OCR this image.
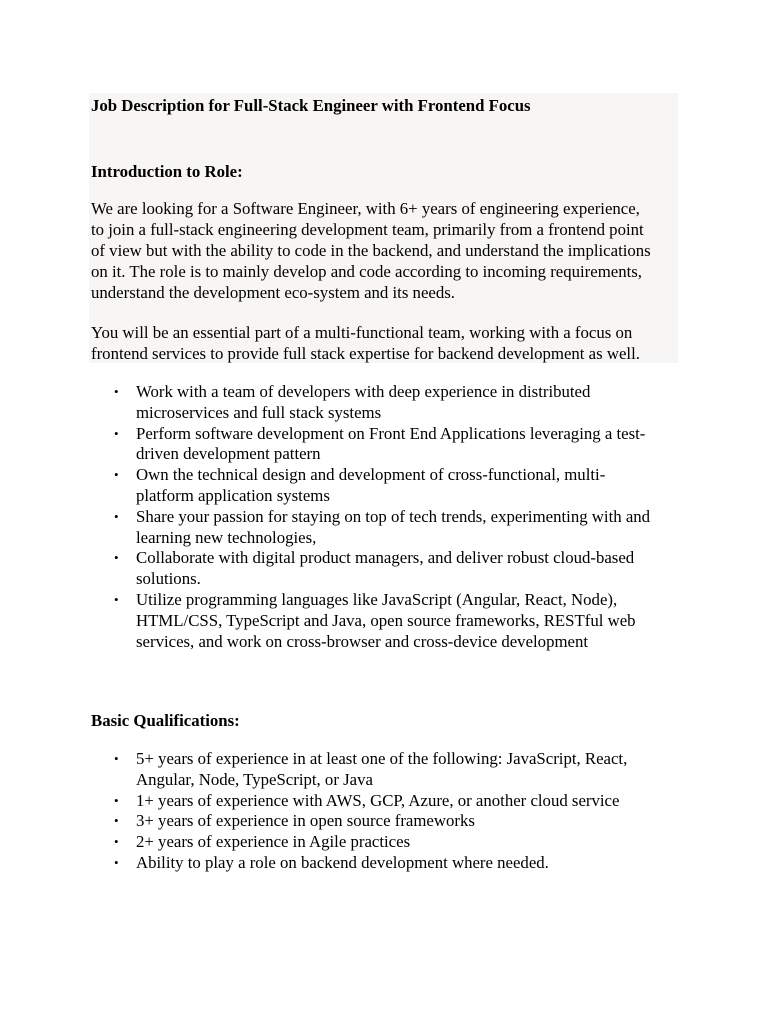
Job Description for Full-Stack Engineer with Frontend Focus

Introduction to Role:

We are looking for a Software Engineer, with 6+ years of engineering experience,
to join a full-stack engineering development team, primarily from a frontend point
of view but with the ability to code in the backend, and understand the implications
on it. The role is to mainly develop and code according to incoming requirements,
understand the development eco-system and its needs.

You will be an essential part of a multi-functional team, working with a focus on
frontend services to provide full stack expertise for backend development as well.

• Work with a team of developers with deep experience in distributed
microservices and full stack systems
• Perform software development on Front End Applications leveraging a test-
driven development pattern
• Own the technical design and development of cross-functional, multi-
platform application systems
• Share your passion for staying on top of tech trends, experimenting with and
learning new technologies,
• Collaborate with digital product managers, and deliver robust cloud-based
solutions.
• Utilize programming languages like JavaScript (Angular, React, Node),
HTML/CSS, TypeScript and Java, open source frameworks, RESTful web
services, and work on cross-browser and cross-device development

Basic Qualifications:

• 5+ years of experience in at least one of the following: JavaScript, React,
Angular, Node, TypeScript, or Java
• 1+ years of experience with AWS, GCP, Azure, or another cloud service
• 3+ years of experience in open source frameworks
• 2+ years of experience in Agile practices
• Ability to play a role on backend development where needed.
